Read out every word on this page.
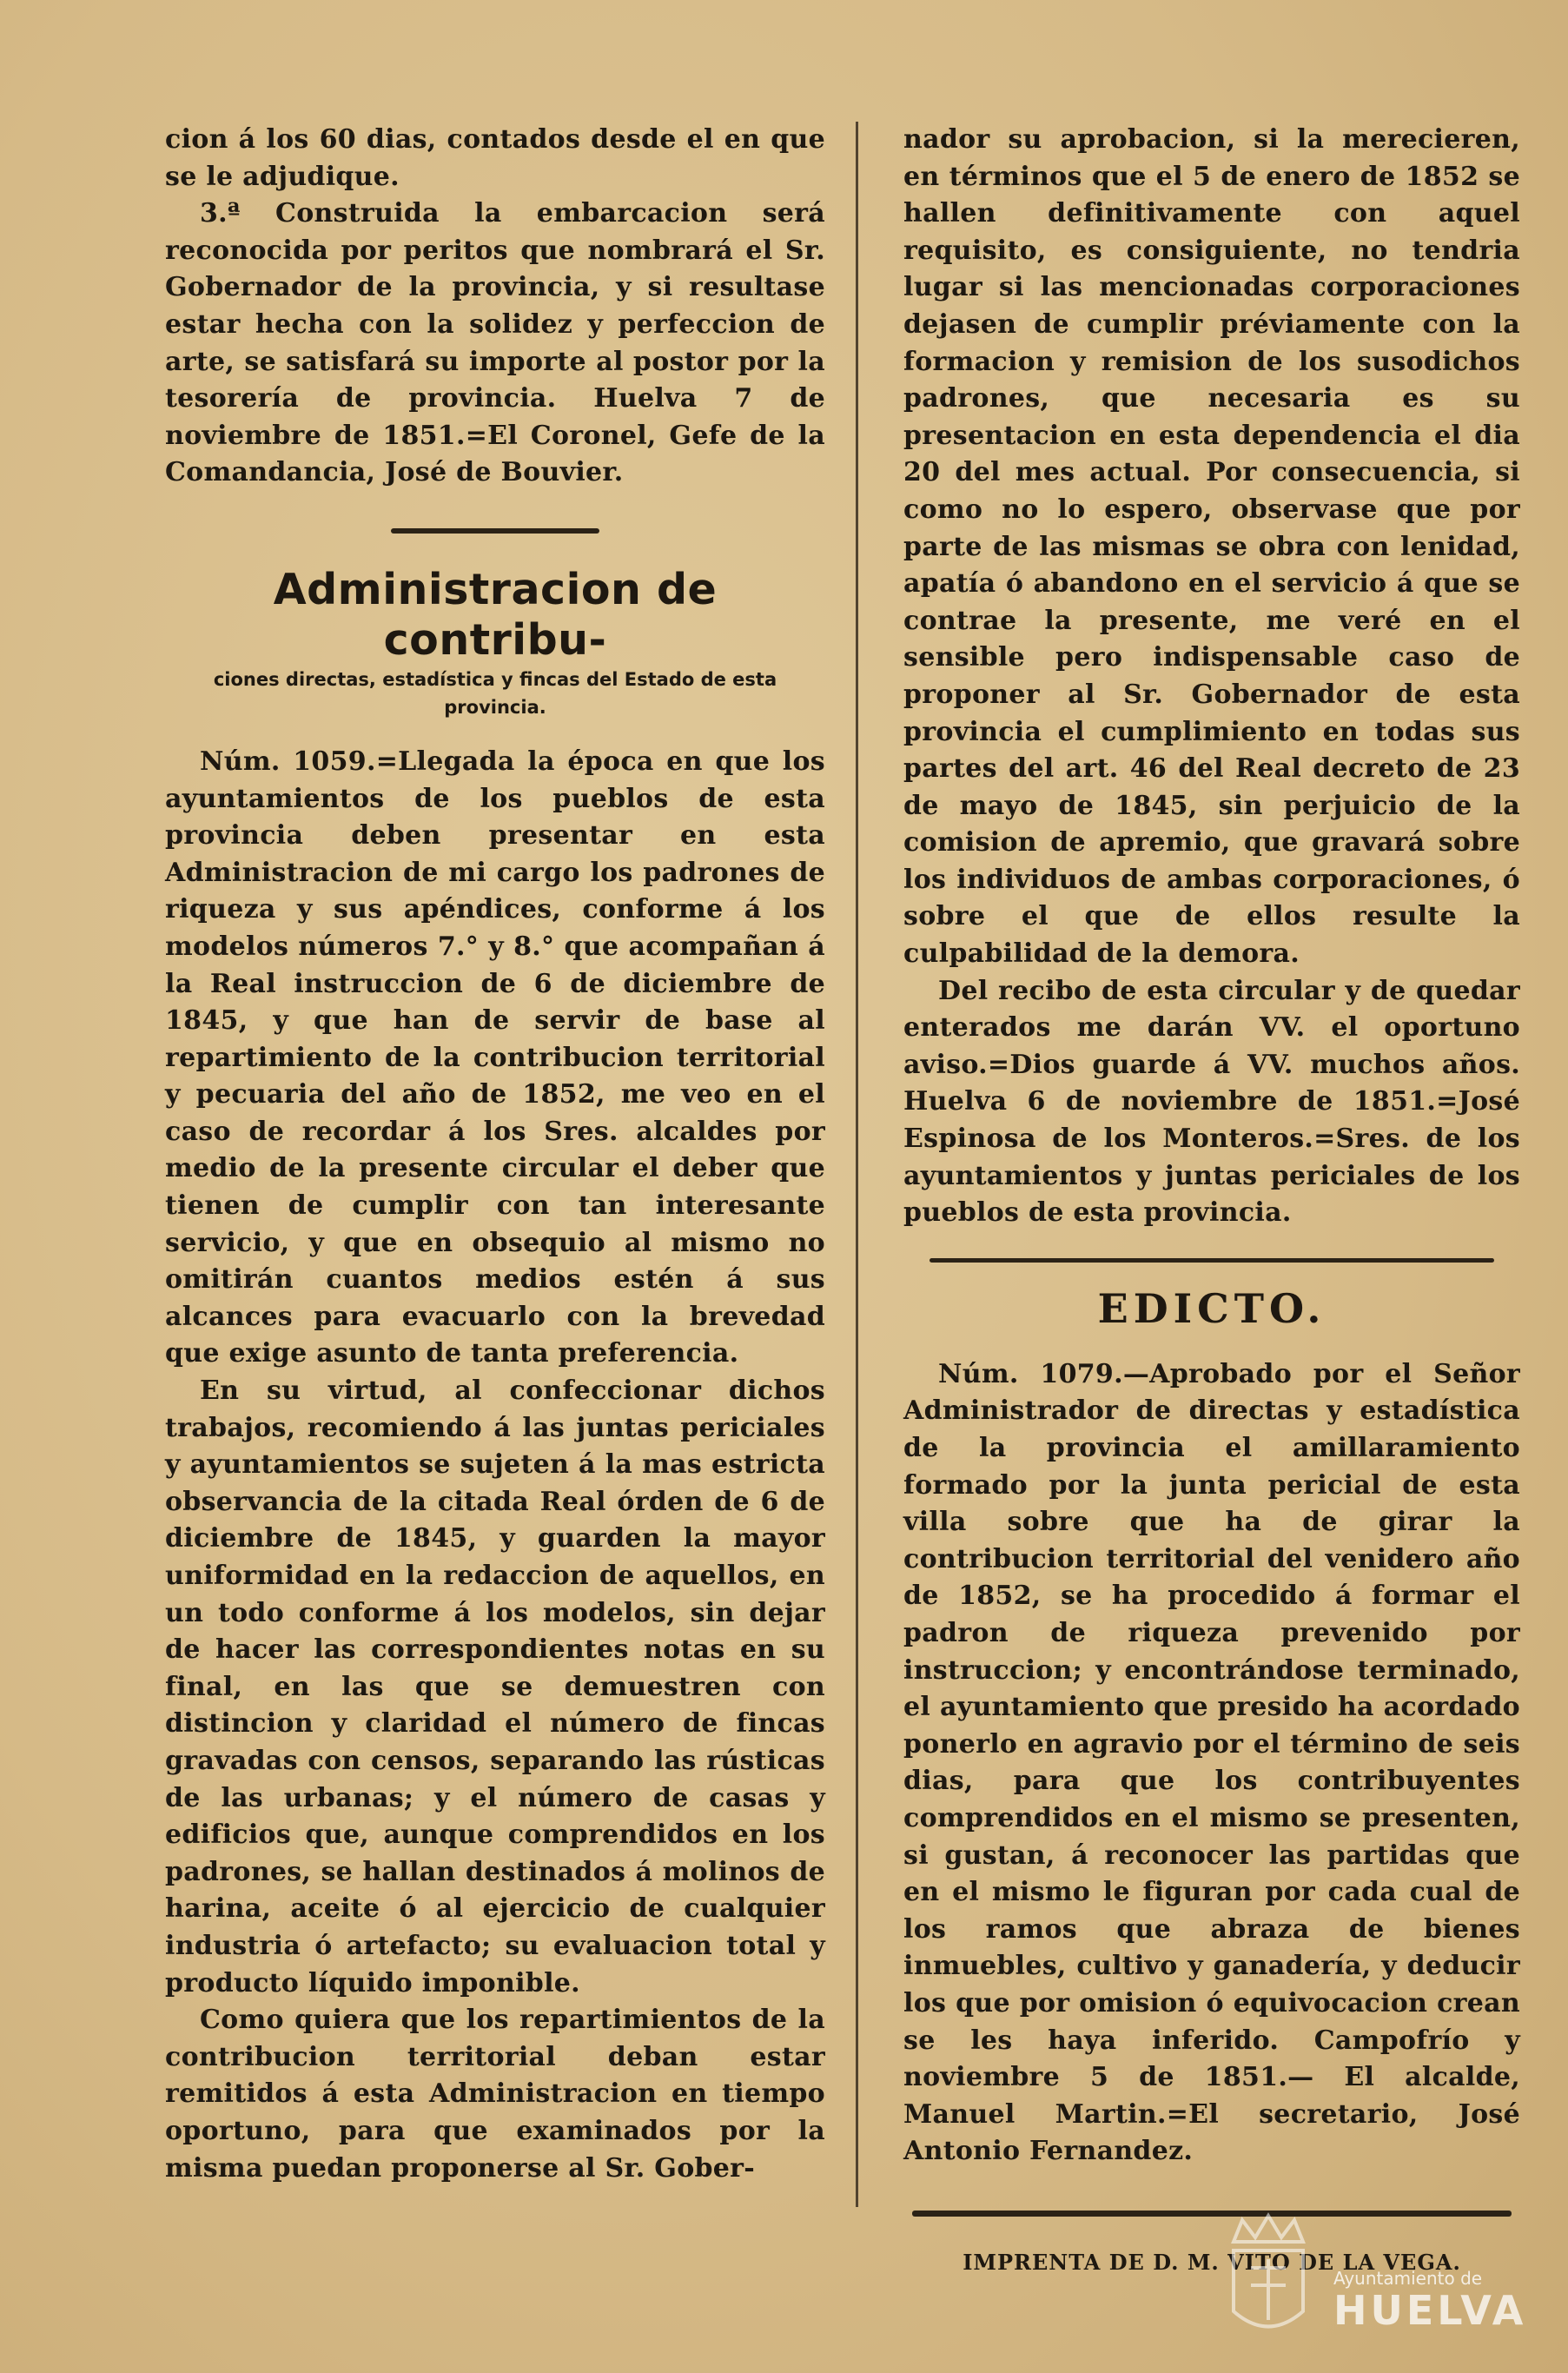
cion á los 60 dias, contados desde el en que se le adjudique.

3.ª Construida la embarcacion será reconocida por peritos que nombrará el Sr. Gobernador de la provincia, y si resultase estar hecha con la solidez y perfeccion de arte, se satisfará su importe al postor por la tesorería de provincia. Huelva 7 de noviembre de 1851.=El Coronel, Gefe de la Comandancia, José de Bouvier.

Administracion de contribu-
ciones directas, estadística y fincas del Estado de esta provincia.

Núm. 1059.=Llegada la época en que los ayuntamientos de los pueblos de esta provincia deben presentar en esta Administracion de mi cargo los padrones de riqueza y sus apéndices, conforme á los modelos números 7.° y 8.° que acompañan á la Real instruccion de 6 de diciembre de 1845, y que han de servir de base al repartimiento de la contribucion territorial y pecuaria del año de 1852, me veo en el caso de recordar á los Sres. alcaldes por medio de la presente circular el deber que tienen de cumplir con tan interesante servicio, y que en obsequio al mismo no omitirán cuantos medios estén á sus alcances para evacuarlo con la brevedad que exige asunto de tanta preferencia.

En su virtud, al confeccionar dichos trabajos, recomiendo á las juntas periciales y ayuntamientos se sujeten á la mas estricta observancia de la citada Real órden de 6 de diciembre de 1845, y guarden la mayor uniformidad en la redaccion de aquellos, en un todo conforme á los modelos, sin dejar de hacer las correspondientes notas en su final, en las que se demuestren con distincion y claridad el número de fincas gravadas con censos, separando las rústicas de las urbanas; y el número de casas y edificios que, aunque comprendidos en los padrones, se hallan destinados á molinos de harina, aceite ó al ejercicio de cualquier industria ó artefacto; su evaluacion total y producto líquido imponible.

Como quiera que los repartimientos de la contribucion territorial deban estar remitidos á esta Administracion en tiempo oportuno, para que examinados por la misma puedan proponerse al Sr. Gober-

nador su aprobacion, si la merecieren, en términos que el 5 de enero de 1852 se hallen definitivamente con aquel requisito, es consiguiente, no tendria lugar si las mencionadas corporaciones dejasen de cumplir préviamente con la formacion y remision de los susodichos padrones, que necesaria es su presentacion en esta dependencia el dia 20 del mes actual. Por consecuencia, si como no lo espero, observase que por parte de las mismas se obra con lenidad, apatía ó abandono en el servicio á que se contrae la presente, me veré en el sensible pero indispensable caso de proponer al Sr. Gobernador de esta provincia el cumplimiento en todas sus partes del art. 46 del Real decreto de 23 de mayo de 1845, sin perjuicio de la comision de apremio, que gravará sobre los individuos de ambas corporaciones, ó sobre el que de ellos resulte la culpabilidad de la demora.

Del recibo de esta circular y de quedar enterados me darán VV. el oportuno aviso.=Dios guarde á VV. muchos años. Huelva 6 de noviembre de 1851.=José Espinosa de los Monteros.=Sres. de los ayuntamientos y juntas periciales de los pueblos de esta provincia.

EDICTO.

Núm. 1079.—Aprobado por el Señor Administrador de directas y estadística de la provincia el amillaramiento formado por la junta pericial de esta villa sobre que ha de girar la contribucion territorial del venidero año de 1852, se ha procedido á formar el padron de riqueza prevenido por instruccion; y encontrándose terminado, el ayuntamiento que presido ha acordado ponerlo en agravio por el término de seis dias, para que los contribuyentes comprendidos en el mismo se presenten, si gustan, á reconocer las partidas que en el mismo le figuran por cada cual de los ramos que abraza de bienes inmuebles, cultivo y ganadería, y deducir los que por omision ó equivocacion crean se les haya inferido. Campofrío y noviembre 5 de 1851.— El alcalde, Manuel Martin.=El secretario, José Antonio Fernandez.

IMPRENTA DE D. M. VITO DE LA VEGA.
Ayuntamiento de
HUELVA
